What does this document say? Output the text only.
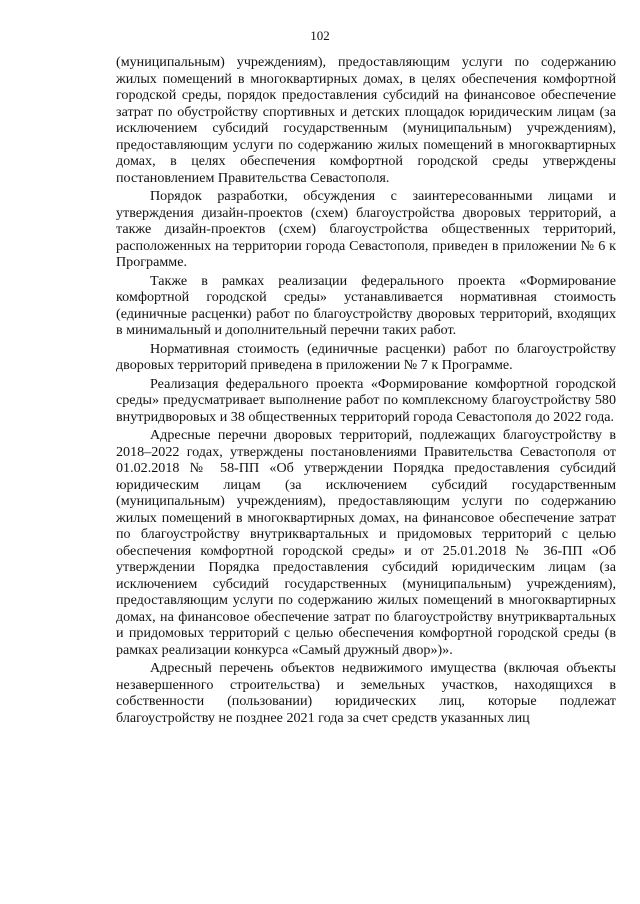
102

(муниципальным) учреждениям), предоставляющим услуги по содержанию жилых помещений в многоквартирных домах, в целях обеспечения комфортной городской среды, порядок предоставления субсидий на финансовое обеспечение затрат по обустройству спортивных и детских площадок юридическим лицам (за исключением субсидий государственным (муниципальным) учреждениям), предоставляющим услуги по содержанию жилых помещений в многоквартирных домах, в целях обеспечения комфортной городской среды утверждены постановлением Правительства Севастополя.

Порядок разработки, обсуждения с заинтересованными лицами и утверждения дизайн-проектов (схем) благоустройства дворовых территорий, а также дизайн-проектов (схем) благоустройства общественных территорий, расположенных на территории города Севастополя, приведен в приложении № 6 к Программе.

Также в рамках реализации федерального проекта «Формирование комфортной городской среды» устанавливается нормативная стоимость (единичные расценки) работ по благоустройству дворовых территорий, входящих в минимальный и дополнительный перечни таких работ.

Нормативная стоимость (единичные расценки) работ по благоустройству дворовых территорий приведена в приложении № 7 к Программе.

Реализация федерального проекта «Формирование комфортной городской среды» предусматривает выполнение работ по комплексному благоустройству 580 внутридворовых и 38 общественных территорий города Севастополя до 2022 года.

Адресные перечни дворовых территорий, подлежащих благоустройству в 2018–2022 годах, утверждены постановлениями Правительства Севастополя от 01.02.2018 № 58-ПП «Об утверждении Порядка предоставления субсидий юридическим лицам (за исключением субсидий государственным (муниципальным) учреждениям), предоставляющим услуги по содержанию жилых помещений в многоквартирных домах, на финансовое обеспечение затрат по благоустройству внутриквартальных и придомовых территорий с целью обеспечения комфортной городской среды» и от 25.01.2018 № 36-ПП «Об утверждении Порядка предоставления субсидий юридическим лицам (за исключением субсидий государственных (муниципальным) учреждениям), предоставляющим услуги по содержанию жилых помещений в многоквартирных домах, на финансовое обеспечение затрат по благоустройству внутриквартальных и придомовых территорий с целью обеспечения комфортной городской среды (в рамках реализации конкурса «Самый дружный двор»)».

Адресный перечень объектов недвижимого имущества (включая объекты незавершенного строительства) и земельных участков, находящихся в собственности (пользовании) юридических лиц, которые подлежат благоустройству не позднее 2021 года за счет средств указанных лиц
